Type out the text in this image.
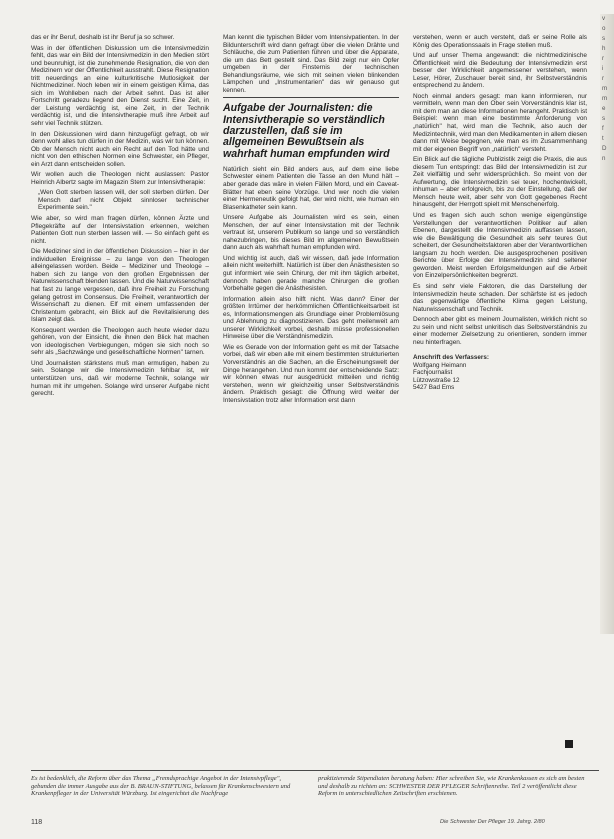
das er ihr Beruf, deshalb ist ihr Beruf ja so schwer.

Was in der öffentlichen Diskussion um die Intensivmedizin fehlt, das war ein Bild der Intensivmedizin in den Medien stört und beunruhigt, ist die zunehmende Resignation, die von den Medizinern vor der Öffentlichkeit ausstrahlt. Diese Resignation tritt neuerdings an eine kulturkritische Mutlosigkeit der Nichtmediziner. Noch leben wir in einem geistigen Klima, das sich im Wohlleben nach der Arbeit sehnt. Das ist aller Fortschritt geradezu liegend den Dienst sucht. Eine Zeit, in der Leistung verdächtig ist, eine Zeit, in der Technik verdächtig ist, und die Intensivtherapie muß ihre Arbeit auf sehr viel Technik stützen.

In den Diskussionen wird dann hinzugefügt gefragt, ob wir denn wohl alles tun dürfen in der Medizin, was wir tun können. Ob der Mensch nicht auch ein Recht auf den Tod hätte und nicht von den ethischen Normen eine Schwester, ein Pfleger, ein Arzt dann entscheiden sollen.

Wir wollen auch die Theologen nicht auslassen: Pastor Heinrich Albertz sagte im Magazin Stern zur Intensivtherapie:

„Wen Gott sterben lassen will, der soll sterben dürfen. Der Mensch darf nicht Objekt sinnloser technischer Experimente sein."

Wie aber, so wird man fragen dürfen, können Ärzte und Pflegekräfte auf der Intensivstation erkennen, welchen Patienten Gott nun sterben lassen will. — So einfach geht es nicht.

Die Mediziner sind in der öffentlichen Diskussion – hier in der individuellen Ereignisse – zu lange von den Theologen alleingelassen worden. Beide – Mediziner und Theologe – haben sich zu lange von den großen Ergebnissen der Naturwissenschaft blenden lassen. Und die Naturwissenschaft hat fast zu lange vergessen, daß ihre Freiheit zu Forschung gelang getrost im Consensus. Die Freiheit, verantwortlich der Wissenschaft zu dienen. Elf mit einem umfassenden der Christentum gebracht, ein Blick auf die Revitalisierung des Islam zeigt das.

Konsequent werden die Theologen auch heute wieder dazu gehören, von der Einsicht, die ihnen den Blick hat machen von ideologischen Verbiegungen, mögen sie sich noch so sehr als „Sachzwänge und gesellschaftliche Normen" tarnen.

Und Journalisten stärkstens muß man ermutigen, haben zu sein. Solange wir die Intensivmedizin fehlbar ist, wir unterstützen uns, daß wir moderne Technik, solange wir human mit ihr umgehen. Solange wird unserer Aufgabe nicht gerecht.

Man kennt die typischen Bilder vom Intensivpatienten. In der Bildunterschrift wird dann gefragt über die vielen Drähte und Schläuche, die zum Patienten führen und über die Apparate, die um das Bett gestellt sind. Das Bild zeigt nur ein Opfer umgeben in der Finsternis der technischen Behandlungsräume, wie sich mit seinen vielen blinkenden Lämpchen und „Instrumentarien" das wir genauso gut kennen.

Aufgabe der Journalisten: die Intensivtherapie so verständlich darzustellen, daß sie im allgemeinen Bewußtsein als wahrhaft human empfunden wird

Natürlich sieht ein Bild anders aus, auf dem eine liebe Schwester einem Patienten die Tasse an den Mund hält – aber gerade das wäre in vielen Fällen Mord, und ein Caveat-Blätter hat eben seine Vorzüge. Und wer noch die vielen einer Hermeneutik gefolgt hat, der wird nicht, wie human ein Blasenkatheter sein kann.

Unsere Aufgabe als Journalisten wird es sein, einen Menschen, der auf einer Intensivstation mit der Technik vertraut ist, unserem Publikum so lange und so verständlich nahezubringen, bis dieses Bild im allgemeinen Bewußtsein dann auch als wahrhaft human empfunden wird.

Und wichtig ist auch, daß wir wissen, daß jede Information allein nicht weiterhilft. Natürlich ist über den Anästhesisten so gut informiert wie sein Chirurg, der mit ihm täglich arbeitet, dennoch haben gerade manche Chirurgen die großen Vorbehalte gegen die Anästhesisten.

Information allein also hilft nicht. Was dann? Einer der größten Irrtümer der herkömmlichen Öffentlichkeitsarbeit ist es, Informationsmengen als Grundlage einer Problemlösung und Ablehnung zu diagnostizieren. Das geht meilenweit am unserer Wirklichkeit vorbei, deshalb müsse professionellen Hinweise über die Verständnismedizin.

Wie es Gerade von der Information geht es mit der Tatsache vorbei, daß wir eben alle mit einem bestimmten strukturierten Vorverständnis an die Sachen, an die Erscheinungswelt der Dinge herangehen. Und nun kommt der entscheidende Satz: wir können etwas nur ausgedrückt mitteilen und richtig verstehen, wenn wir gleichzeitig unser Selbstverständnis ändern. Praktisch gesagt: die Öffnung wird weiter der Intensivstation trotz aller Information erst dann

verstehen, wenn er auch versteht, daß er seine Rolle als König des Operationssaals in Frage stellen muß.

Und auf unser Thema angewandt: die nichtmedizinische Öffentlichkeit wird die Bedeutung der Intensivmedizin erst besser der Wirklichkeit angemessener verstehen, wenn Leser, Hörer, Zuschauer bereit sind, ihr Selbstverständnis entsprechend zu ändern.

Noch einmal anders gesagt: man kann informieren, nur vermitteln, wenn man den Ober sein Vorverständnis klar ist, mit dem man an diese Informationen herangeht. Praktisch ist Beispiel: wenn man eine bestimmte Anforderung von „natürlich" hat, wird man die Technik, also auch der Medizintechnik, wird man den Medikamenten in allem diesen dann mit Weise begegnen, wie man es im Zusammenhang mit der eigenen Begriff von „natürlich" versteht.

Ein Blick auf die tägliche Publizistik zeigt die Praxis, die aus diesem Tun entspringt: das Bild der Intensivmedizin ist zur Zeit vielfältig und sehr widersprüchlich. So meint von der Aufwertung, die Intensivmedizin sei teuer, hochentwickelt, inhuman – aber erfolgreich, bis zu der Einstellung, daß der Mensch heute weit, aber sehr von Gott gegebenes Recht hinausgeht, der Herrgott spielt mit Menschenerfolg.

Und es fragen sich auch schon wenige eigengünstige Verstellungen der verantwortlichen Politiker auf allen Ebenen, dargestellt die Intensivmedizin auffassen lassen, wie die Bewältigung die Gesundheit als sehr teures Gut scheitert, der Gesundheitsfaktoren aber der Verantwortlichen langsam zu hoch werden. Die ausgesprochenen positiven Berichte über Erfolge der Intensivmedizin sind seltener geworden. Meist werden Erfolgsmeldungen auf die Arbeit von Einzelpersönlichkeiten begrenzt.

Es sind sehr viele Faktoren, die das Darstellung der Intensivmedizin heute schaden. Der schärfste ist es jedoch das gegenwärtige öffentliche Klima gegen Leistung, Naturwissenschaft und Technik.

Dennoch aber gibt es meinem Journalisten, wirklich nicht so zu sein und nicht selbst unkritisch das Selbstverständnis zu einer moderner Zielsetzung zu orientieren, sondern immer neu hinterfragen.

Anschrift des Verfassers:
Wolfgang Heimann
Fachjournalist
Lützowstraße 12
5427 Bad Ems
v
o
s
h
r
i
r
m
m
e
s
f
t
D
n
Es ist bedenklich, die Reform über das Thema „Fremdsprachige Angebot in der Intensivpflege", gebunden die immer Ausgabe aus der B. BRAUN-STIFTUNG, belassen für Krankenschwestern und Krankenpfleger in der Universität Würzburg. Ist eingerichtet die Nachfrage
praktizierende Stipendiaten beratung haben: Hier schreiben Sie, wie Krankenkassen es sich am besten und deshalb zu richten an: SCHWESTER DER PFLEGER Schriftenreihe. Teil 2 veröffentlicht diese Reform in unterschiedlichen Zeitschriften erschienen.
118	Die Schwester Der Pfleger 19. Jahrg. 2/80
